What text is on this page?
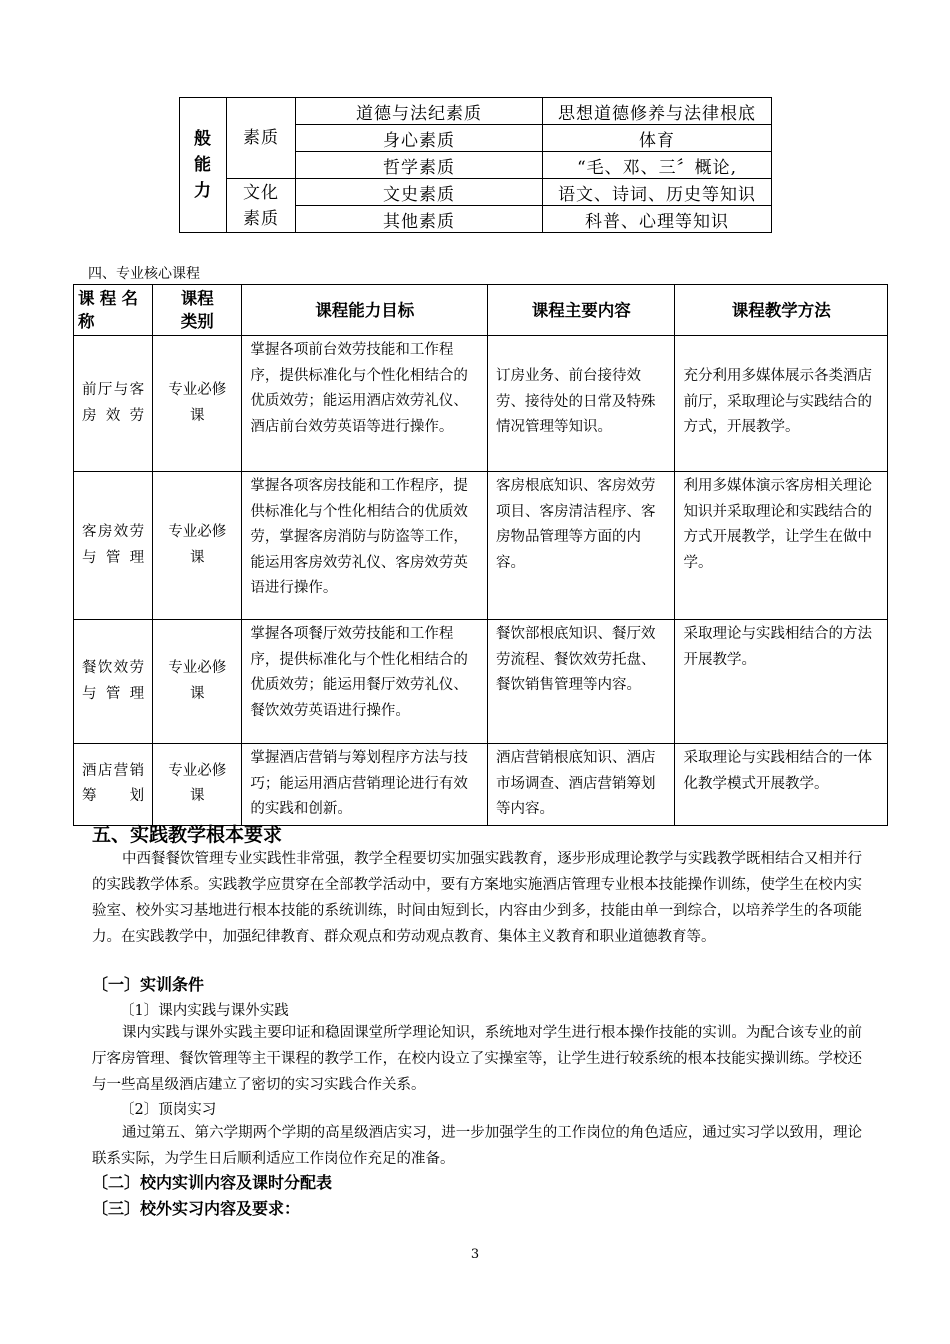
般能力	素质	道德与法纪素质	思想道德修养与法律根底
		身心素质	体育
		哲学素质	“毛、邓、三〞概论,
	文化素质	文史素质	语文、诗词、历史等知识
		其他素质	科普、心理等知识
四、专业核心课程
课程名称	课程类别	课程能力目标	课程主要内容	课程教学方法
前厅与客房效劳	专业必修课	掌握各项前台效劳技能和工作程序，提供标准化与个性化相结合的优质效劳；能运用酒店效劳礼仪、酒店前台效劳英语等进行操作。	订房业务、前台接待效劳、接待处的日常及特殊情况管理等知识。	充分利用多媒体展示各类酒店前厅，采取理论与实践结合的方式，开展教学。
客房效劳与管理	专业必修课	掌握各项客房技能和工作程序，提供标准化与个性化相结合的优质效劳，掌握客房消防与防盗等工作，能运用客房效劳礼仪、客房效劳英语进行操作。	客房根底知识、客房效劳项目、客房清洁程序、客房物品管理等方面的内容。	利用多媒体演示客房相关理论知识并采取理论和实践结合的方式开展教学，让学生在做中学。
餐饮效劳与管理	专业必修课	掌握各项餐厅效劳技能和工作程序，提供标准化与个性化相结合的优质效劳；能运用餐厅效劳礼仪、餐饮效劳英语进行操作。	餐饮部根底知识、餐厅效劳流程、餐饮效劳托盘、餐饮销售管理等内容。	采取理论与实践相结合的方法开展教学。
酒店营销筹划	专业必修课	掌握酒店营销与筹划程序方法与技巧；能运用酒店营销理论进行有效的实践和创新。	酒店营销根底知识、酒店市场调查、酒店营销筹划等内容。	采取理论与实践相结合的一体化教学模式开展教学。
五、实践教学根本要求

中西餐餐饮管理专业实践性非常强，教学全程要切实加强实践教育，逐步形成理论教学与实践教学既相结合又相并行的实践教学体系。实践教学应贯穿在全部教学活动中，要有方案地实施酒店管理专业根本技能操作训练，使学生在校内实验室、校外实习基地进行根本技能的系统训练，时间由短到长，内容由少到多，技能由单一到综合，以培养学生的各项能力。在实践教学中，加强纪律教育、群众观点和劳动观点教育、集体主义教育和职业道德教育等。

〔一〕实训条件
〔1〕课内实践与课外实践

课内实践与课外实践主要印证和稳固课堂所学理论知识，系统地对学生进行根本操作技能的实训。为配合该专业的前厅客房管理、餐饮管理等主干课程的教学工作，在校内设立了实操室等，让学生进行较系统的根本技能实操训练。学校还与一些高星级酒店建立了密切的实习实践合作关系。

〔2〕顶岗实习

通过第五、第六学期两个学期的高星级酒店实习，进一步加强学生的工作岗位的角色适应，通过实习学以致用，理论联系实际，为学生日后顺利适应工作岗位作充足的准备。

〔二〕校内实训内容及课时分配表
〔三〕校外实习内容及要求：
3
